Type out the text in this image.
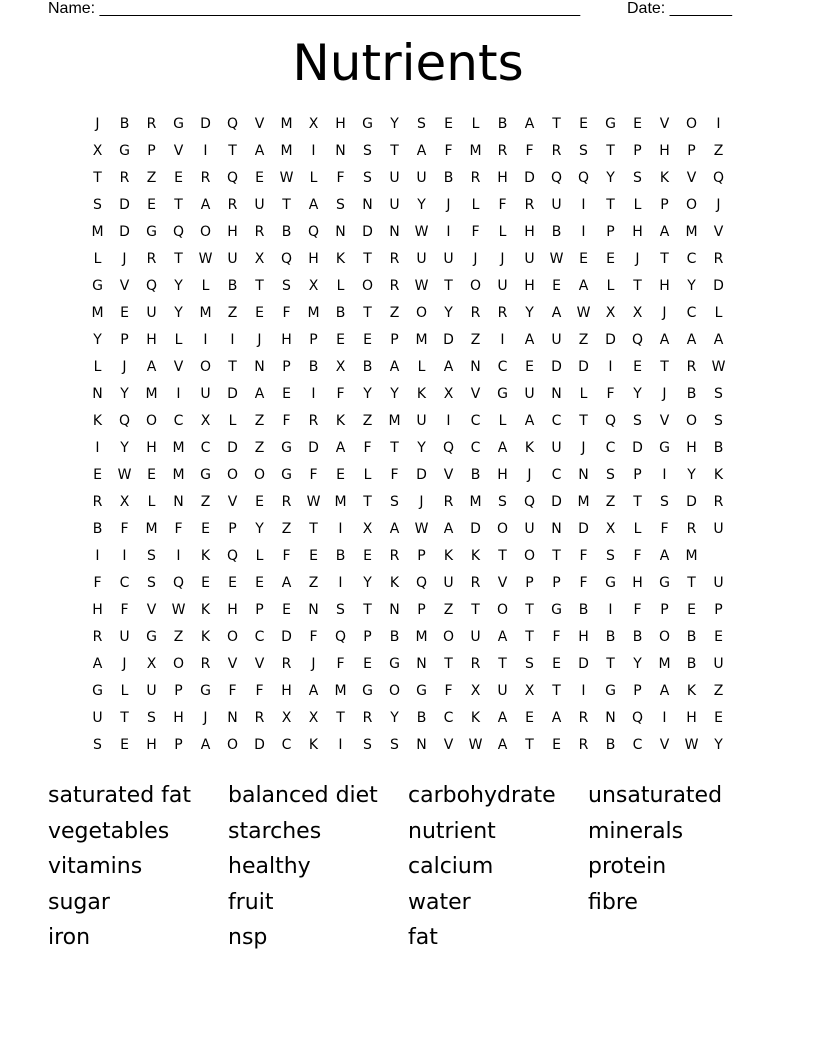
Name: ______________________________________________________	Date: _______
Nutrients
J	B	R	G	D	Q	V	M	X	H	G	Y	S	E	L	B	A	T	E	G	E	V	O	I
X	G	P	V	I	T	A	M	I	N	S	T	A	F	M	R	F	R	S	T	P	H	P	Z
T	R	Z	E	R	Q	E	W	L	F	S	U	U	B	R	H	D	Q	Q	Y	S	K	V	Q
S	D	E	T	A	R	U	T	A	S	N	U	Y	J	L	F	R	U	I	T	L	P	O	J
M	D	G	Q	O	H	R	B	Q	N	D	N	W	I	F	L	H	B	I	P	H	A	M	V
L	J	R	T	W	U	X	Q	H	K	T	R	U	U	J	J	U	W	E	E	J	T	C	R
G	V	Q	Y	L	B	T	S	X	L	O	R	W	T	O	U	H	E	A	L	T	H	Y	D
M	E	U	Y	M	Z	E	F	M	B	T	Z	O	Y	R	R	Y	A	W	X	X	J	C	L
Y	P	H	L	I	I	J	H	P	E	E	P	M	D	Z	I	A	U	Z	D	Q	A	A	A
L	J	A	V	O	T	N	P	B	X	B	A	L	A	N	C	E	D	D	I	E	T	R	W
N	Y	M	I	U	D	A	E	I	F	Y	Y	K	X	V	G	U	N	L	F	Y	J	B	S
K	Q	O	C	X	L	Z	F	R	K	Z	M	U	I	C	L	A	C	T	Q	S	V	O	S
I	Y	H	M	C	D	Z	G	D	A	F	T	Y	Q	C	A	K	U	J	C	D	G	H	B
E	W	E	M	G	O	O	G	F	E	L	F	D	V	B	H	J	C	N	S	P	I	Y	K
R	X	L	N	Z	V	E	R	W	M	T	S	J	R	M	S	Q	D	M	Z	T	S	D	R
B	F	M	F	E	P	Y	Z	T	I	X	A	W	A	D	O	U	N	D	X	L	F	R	U
I	I	S	I	K	Q	L	F	E	B	E	R	P	K	K	T	O	T	F	S	F	A	M
F	C	S	Q	E	E	E	A	Z	I	Y	K	Q	U	R	V	P	P	F	G	H	G	T	U
H	F	V	W	K	H	P	E	N	S	T	N	P	Z	T	O	T	G	B	I	F	P	E	P
R	U	G	Z	K	O	C	D	F	Q	P	B	M	O	U	A	T	F	H	B	B	O	B	E
A	J	X	O	R	V	V	R	J	F	E	G	N	T	R	T	S	E	D	T	Y	M	B	U
G	L	U	P	G	F	F	H	A	M	G	O	G	F	X	U	X	T	I	G	P	A	K	Z
U	T	S	H	J	N	R	X	X	T	R	Y	B	C	K	A	E	A	R	N	Q	I	H	E
S	E	H	P	A	O	D	C	K	I	S	S	N	V	W	A	T	E	R	B	C	V	W	Y
saturated fat	balanced diet	carbohydrate	unsaturated
vegetables	starches	nutrient	minerals
vitamins	healthy	calcium	protein
sugar	fruit	water	fibre
iron	nsp	fat
